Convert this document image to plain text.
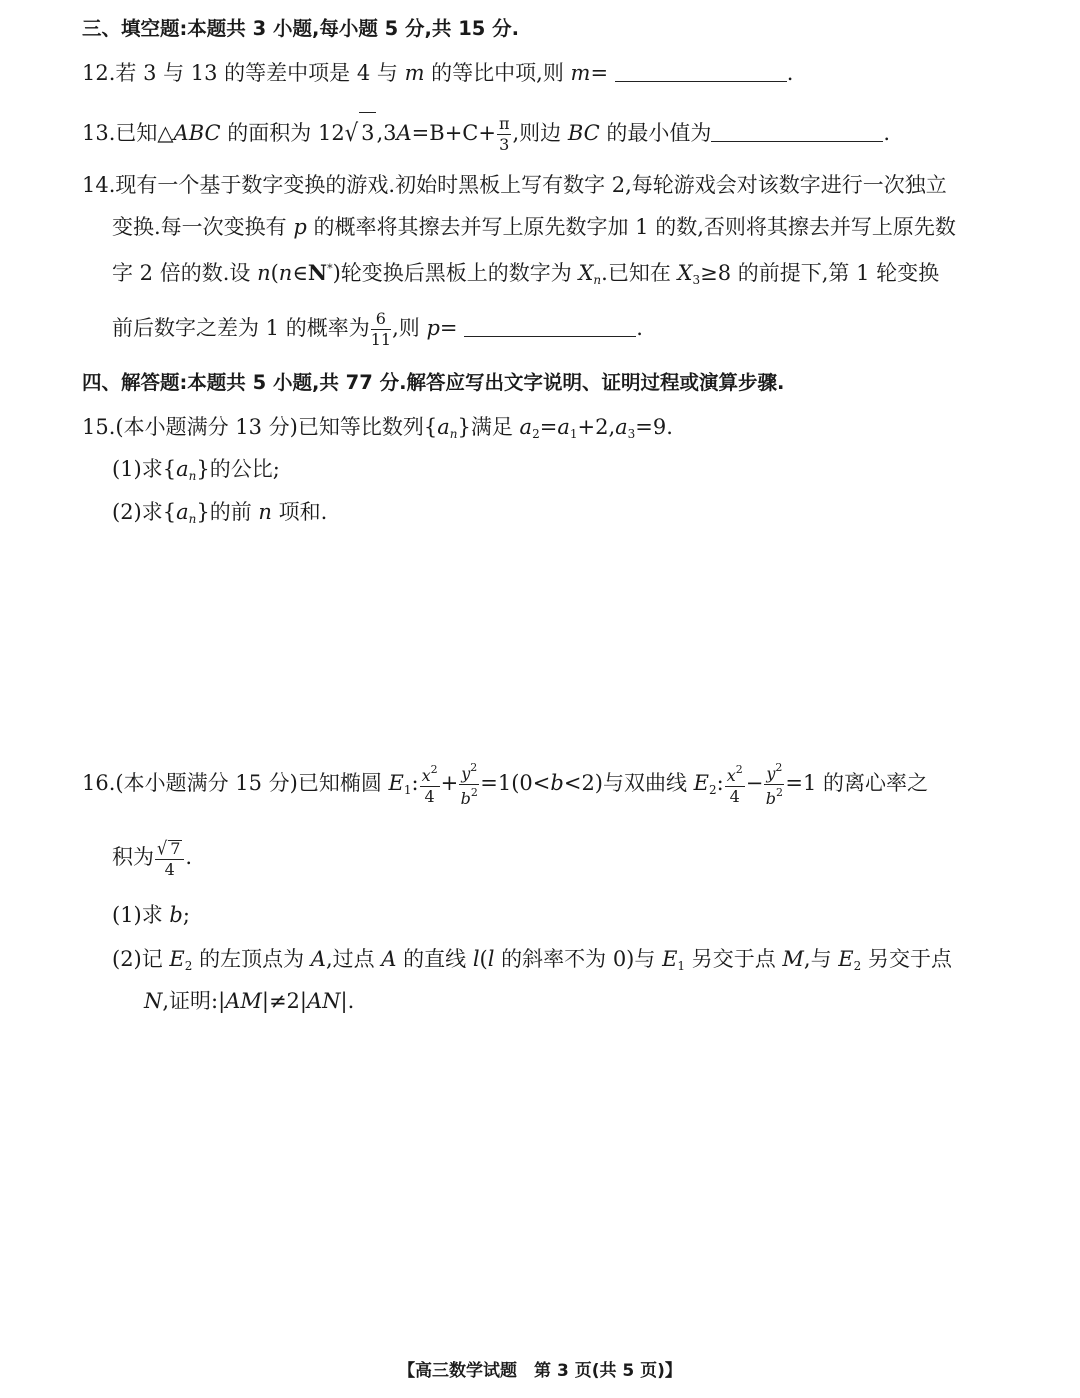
三、填空题:本题共 3 小题,每小题 5 分,共 15 分.
12.若 3 与 13 的等差中项是 4 与 m 的等比中项,则 m=	.
13.已知△ABC 的面积为 12√ $3,3A=B+C+ \frac{\pi}{3}$ ,则边 BC 的最小值为	.
14.现有一个基于数字变换的游戏.初始时黑板上写有数字 2,每轮游戏会对该数字进行一次独立
变换.每一次变换有 p 的概率将其擦去并写上原先数字加 1 的数,否则将其擦去并写上原先数
字 2 倍的数.设 n(n∈N*)轮变换后黑板上的数字为 $X_n$.已知在 $X_3\ge 8$ 的前提下,第 1 轮变换
前后数字之差为 1 的概率为 $\frac{6}{11}$ ,则 p=	.
四、解答题:本题共 5 小题,共 77 分.解答应写出文字说明、证明过程或演算步骤.
15.(本小题满分 13 分)已知等比数列$\{a_n\}$满足 $a_2=a_1+2,a_3=9$.
(1)求$\{a_n\}$的公比;
(2)求$\{a_n\}$的前 n 项和.
16.(本小题满分 15 分)已知椭圆 $E_1$: $\frac{x^2}{4} + \frac{y^2}{b^2} =1(0<b<2)$与双曲线 $E_2$: $\frac{x^2}{4} - \frac{y^2}{b^2} =1$ 的离心率之
积为 $\frac{√ 7}{4}$ .
(1)求 b;
(2)记 $E_2$ 的左顶点为 A,过点 A 的直线 l(l 的斜率不为 0)与 $E_1$ 另交于点 M,与 $E_2$ 另交于点
N,证明:|AM|≠2|AN|.
【高三数学试题　第 3 页(共 5 页)】
